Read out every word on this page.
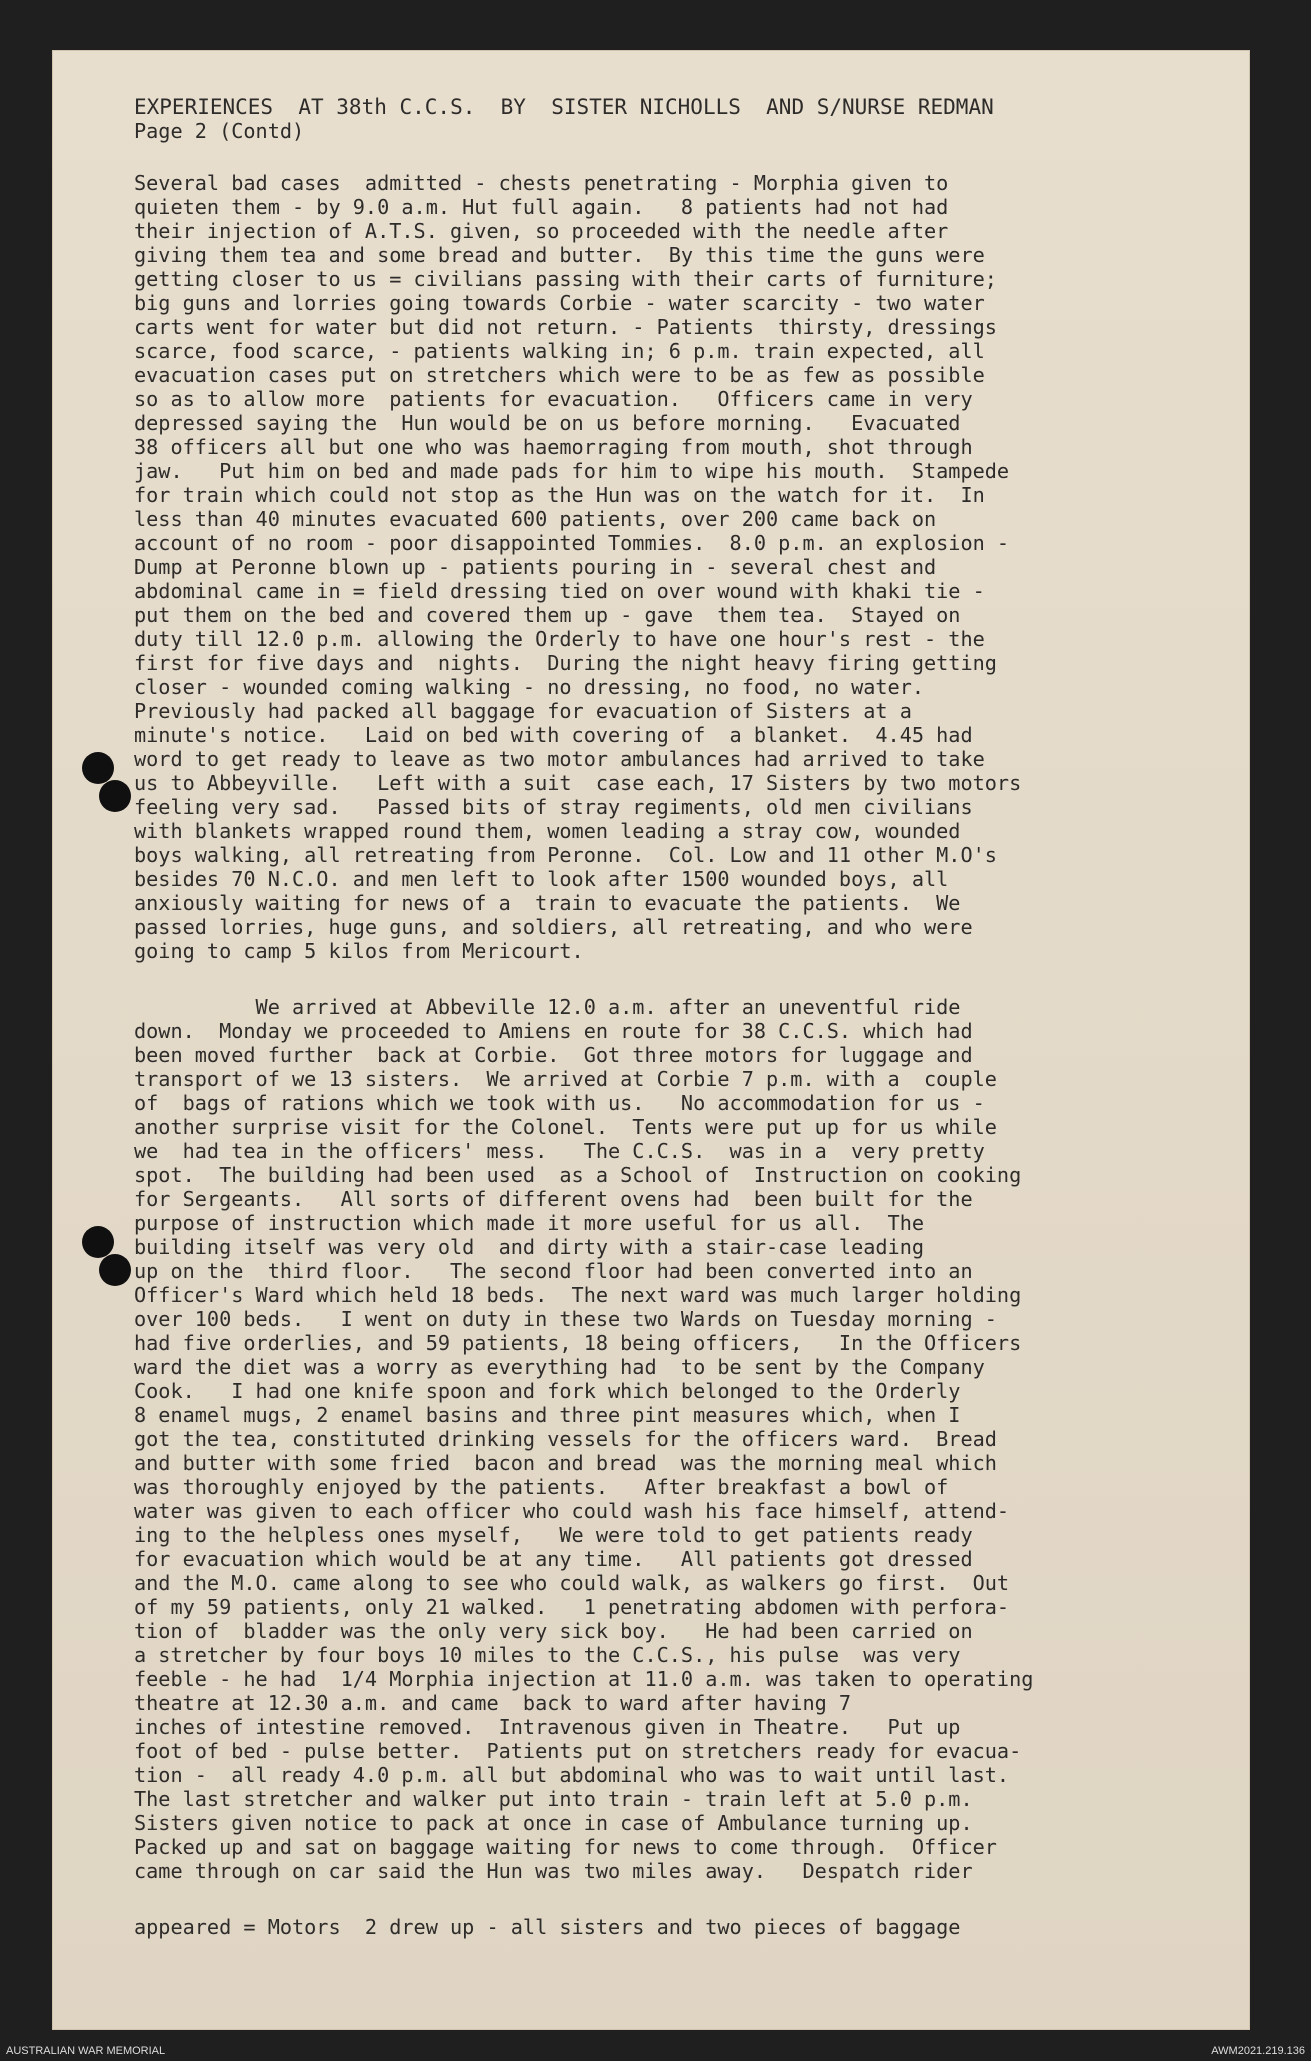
EXPERIENCES  AT 38th C.C.S.  BY  SISTER NICHOLLS  AND S/NURSE REDMAN
Page 2 (Contd)
Several bad cases  admitted - chests penetrating - Morphia given to
quieten them - by 9.0 a.m. Hut full again.   8 patients had not had
their injection of A.T.S. given, so proceeded with the needle after
giving them tea and some bread and butter.  By this time the guns were
getting closer to us = civilians passing with their carts of furniture;
big guns and lorries going towards Corbie - water scarcity - two water
carts went for water but did not return. - Patients  thirsty, dressings
scarce, food scarce, - patients walking in; 6 p.m. train expected, all
evacuation cases put on stretchers which were to be as few as possible
so as to allow more  patients for evacuation.   Officers came in very
depressed saying the  Hun would be on us before morning.   Evacuated
38 officers all but one who was haemorraging from mouth, shot through
jaw.   Put him on bed and made pads for him to wipe his mouth.  Stampede
for train which could not stop as the Hun was on the watch for it.  In
less than 40 minutes evacuated 600 patients, over 200 came back on
account of no room - poor disappointed Tommies.  8.0 p.m. an explosion -
Dump at Peronne blown up - patients pouring in - several chest and
abdominal came in = field dressing tied on over wound with khaki tie -
put them on the bed and covered them up - gave  them tea.  Stayed on
duty till 12.0 p.m. allowing the Orderly to have one hour's rest - the
first for five days and  nights.  During the night heavy firing getting
closer - wounded coming walking - no dressing, no food, no water.
Previously had packed all baggage for evacuation of Sisters at a
minute's notice.   Laid on bed with covering of  a blanket.  4.45 had
word to get ready to leave as two motor ambulances had arrived to take
us to Abbeyville.   Left with a suit  case each, 17 Sisters by two motors
feeling very sad.   Passed bits of stray regiments, old men civilians
with blankets wrapped round them, women leading a stray cow, wounded
boys walking, all retreating from Peronne.  Col. Low and 11 other M.O's
besides 70 N.C.O. and men left to look after 1500 wounded boys, all
anxiously waiting for news of a  train to evacuate the patients.  We
passed lorries, huge guns, and soldiers, all retreating, and who were
going to camp 5 kilos from Mericourt.
We arrived at Abbeville 12.0 a.m. after an uneventful ride
down.  Monday we proceeded to Amiens en route for 38 C.C.S. which had
been moved further  back at Corbie.  Got three motors for luggage and
transport of we 13 sisters.  We arrived at Corbie 7 p.m. with a  couple
of  bags of rations which we took with us.   No accommodation for us -
another surprise visit for the Colonel.  Tents were put up for us while
we  had tea in the officers' mess.   The C.C.S.  was in a  very pretty
spot.  The building had been used  as a School of  Instruction on cooking
for Sergeants.   All sorts of different ovens had  been built for the
purpose of instruction which made it more useful for us all.  The
building itself was very old  and dirty with a stair-case leading
up on the  third floor.   The second floor had been converted into an
Officer's Ward which held 18 beds.  The next ward was much larger holding
over 100 beds.   I went on duty in these two Wards on Tuesday morning -
had five orderlies, and 59 patients, 18 being officers,   In the Officers
ward the diet was a worry as everything had  to be sent by the Company
Cook.   I had one knife spoon and fork which belonged to the Orderly
8 enamel mugs, 2 enamel basins and three pint measures which, when I
got the tea, constituted drinking vessels for the officers ward.  Bread
and butter with some fried  bacon and bread  was the morning meal which
was thoroughly enjoyed by the patients.   After breakfast a bowl of
water was given to each officer who could wash his face himself, attend-
ing to the helpless ones myself,   We were told to get patients ready
for evacuation which would be at any time.   All patients got dressed
and the M.O. came along to see who could walk, as walkers go first.  Out
of my 59 patients, only 21 walked.   1 penetrating abdomen with perfora-
tion of  bladder was the only very sick boy.   He had been carried on
a stretcher by four boys 10 miles to the C.C.S., his pulse  was very
feeble - he had  1/4 Morphia injection at 11.0 a.m. was taken to operating
theatre at 12.30 a.m. and came  back to ward after having 7
inches of intestine removed.  Intravenous given in Theatre.   Put up
foot of bed - pulse better.  Patients put on stretchers ready for evacua-
tion -  all ready 4.0 p.m. all but abdominal who was to wait until last.
The last stretcher and walker put into train - train left at 5.0 p.m.
Sisters given notice to pack at once in case of Ambulance turning up.
Packed up and sat on baggage waiting for news to come through.  Officer
came through on car said the Hun was two miles away.   Despatch rider
appeared = Motors  2 drew up - all sisters and two pieces of baggage
AUSTRALIAN WAR MEMORIAL	AWM2021.219.136
